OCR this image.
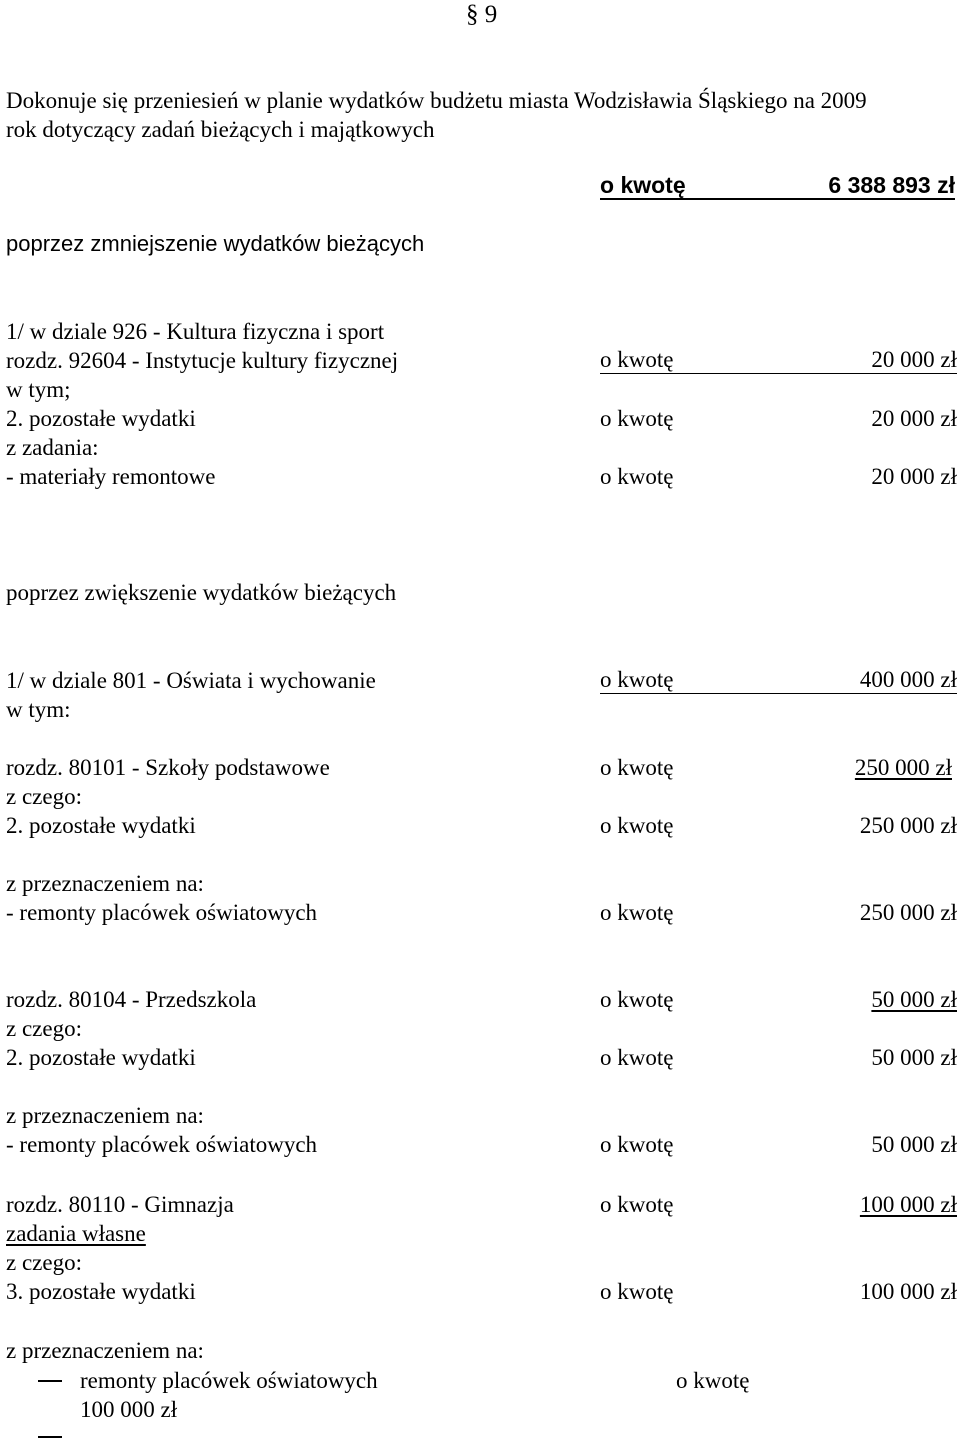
§ 9
Dokonuje się przeniesień w planie wydatków budżetu miasta Wodzisławia Śląskiego na 2009
rok dotyczący zadań bieżących i majątkowych
o kwotę	6 388 893 zł
poprzez zmniejszenie wydatków bieżących
1/ w dziale 926 - Kultura fizyczna i sport
rozdz. 92604 - Instytucje kultury fizycznej	o kwotę	20 000 zł
w tym;
2. pozostałe wydatki	o kwotę	20 000 zł
z zadania:
- materiały remontowe	o kwotę	20 000 zł
poprzez zwiększenie wydatków bieżących
1/ w dziale 801 - Oświata i wychowanie	o kwotę	400 000 zł
w tym:
rozdz. 80101 - Szkoły podstawowe	o kwotę	250 000 zł
z czego:
2. pozostałe wydatki	o kwotę	250 000 zł
z przeznaczeniem na:
- remonty placówek oświatowych	o kwotę	250 000 zł
rozdz. 80104 - Przedszkola	o kwotę	50 000 zł
z czego:
2. pozostałe wydatki	o kwotę	50 000 zł
z przeznaczeniem na:
- remonty placówek oświatowych	o kwotę	50 000 zł
rozdz. 80110 - Gimnazja	o kwotę	100 000 zł
zadania własne
z czego:
3. pozostałe wydatki	o kwotę	100 000 zł
z przeznaczeniem na:
remonty placówek oświatowych	o kwotę
100 000 zł
